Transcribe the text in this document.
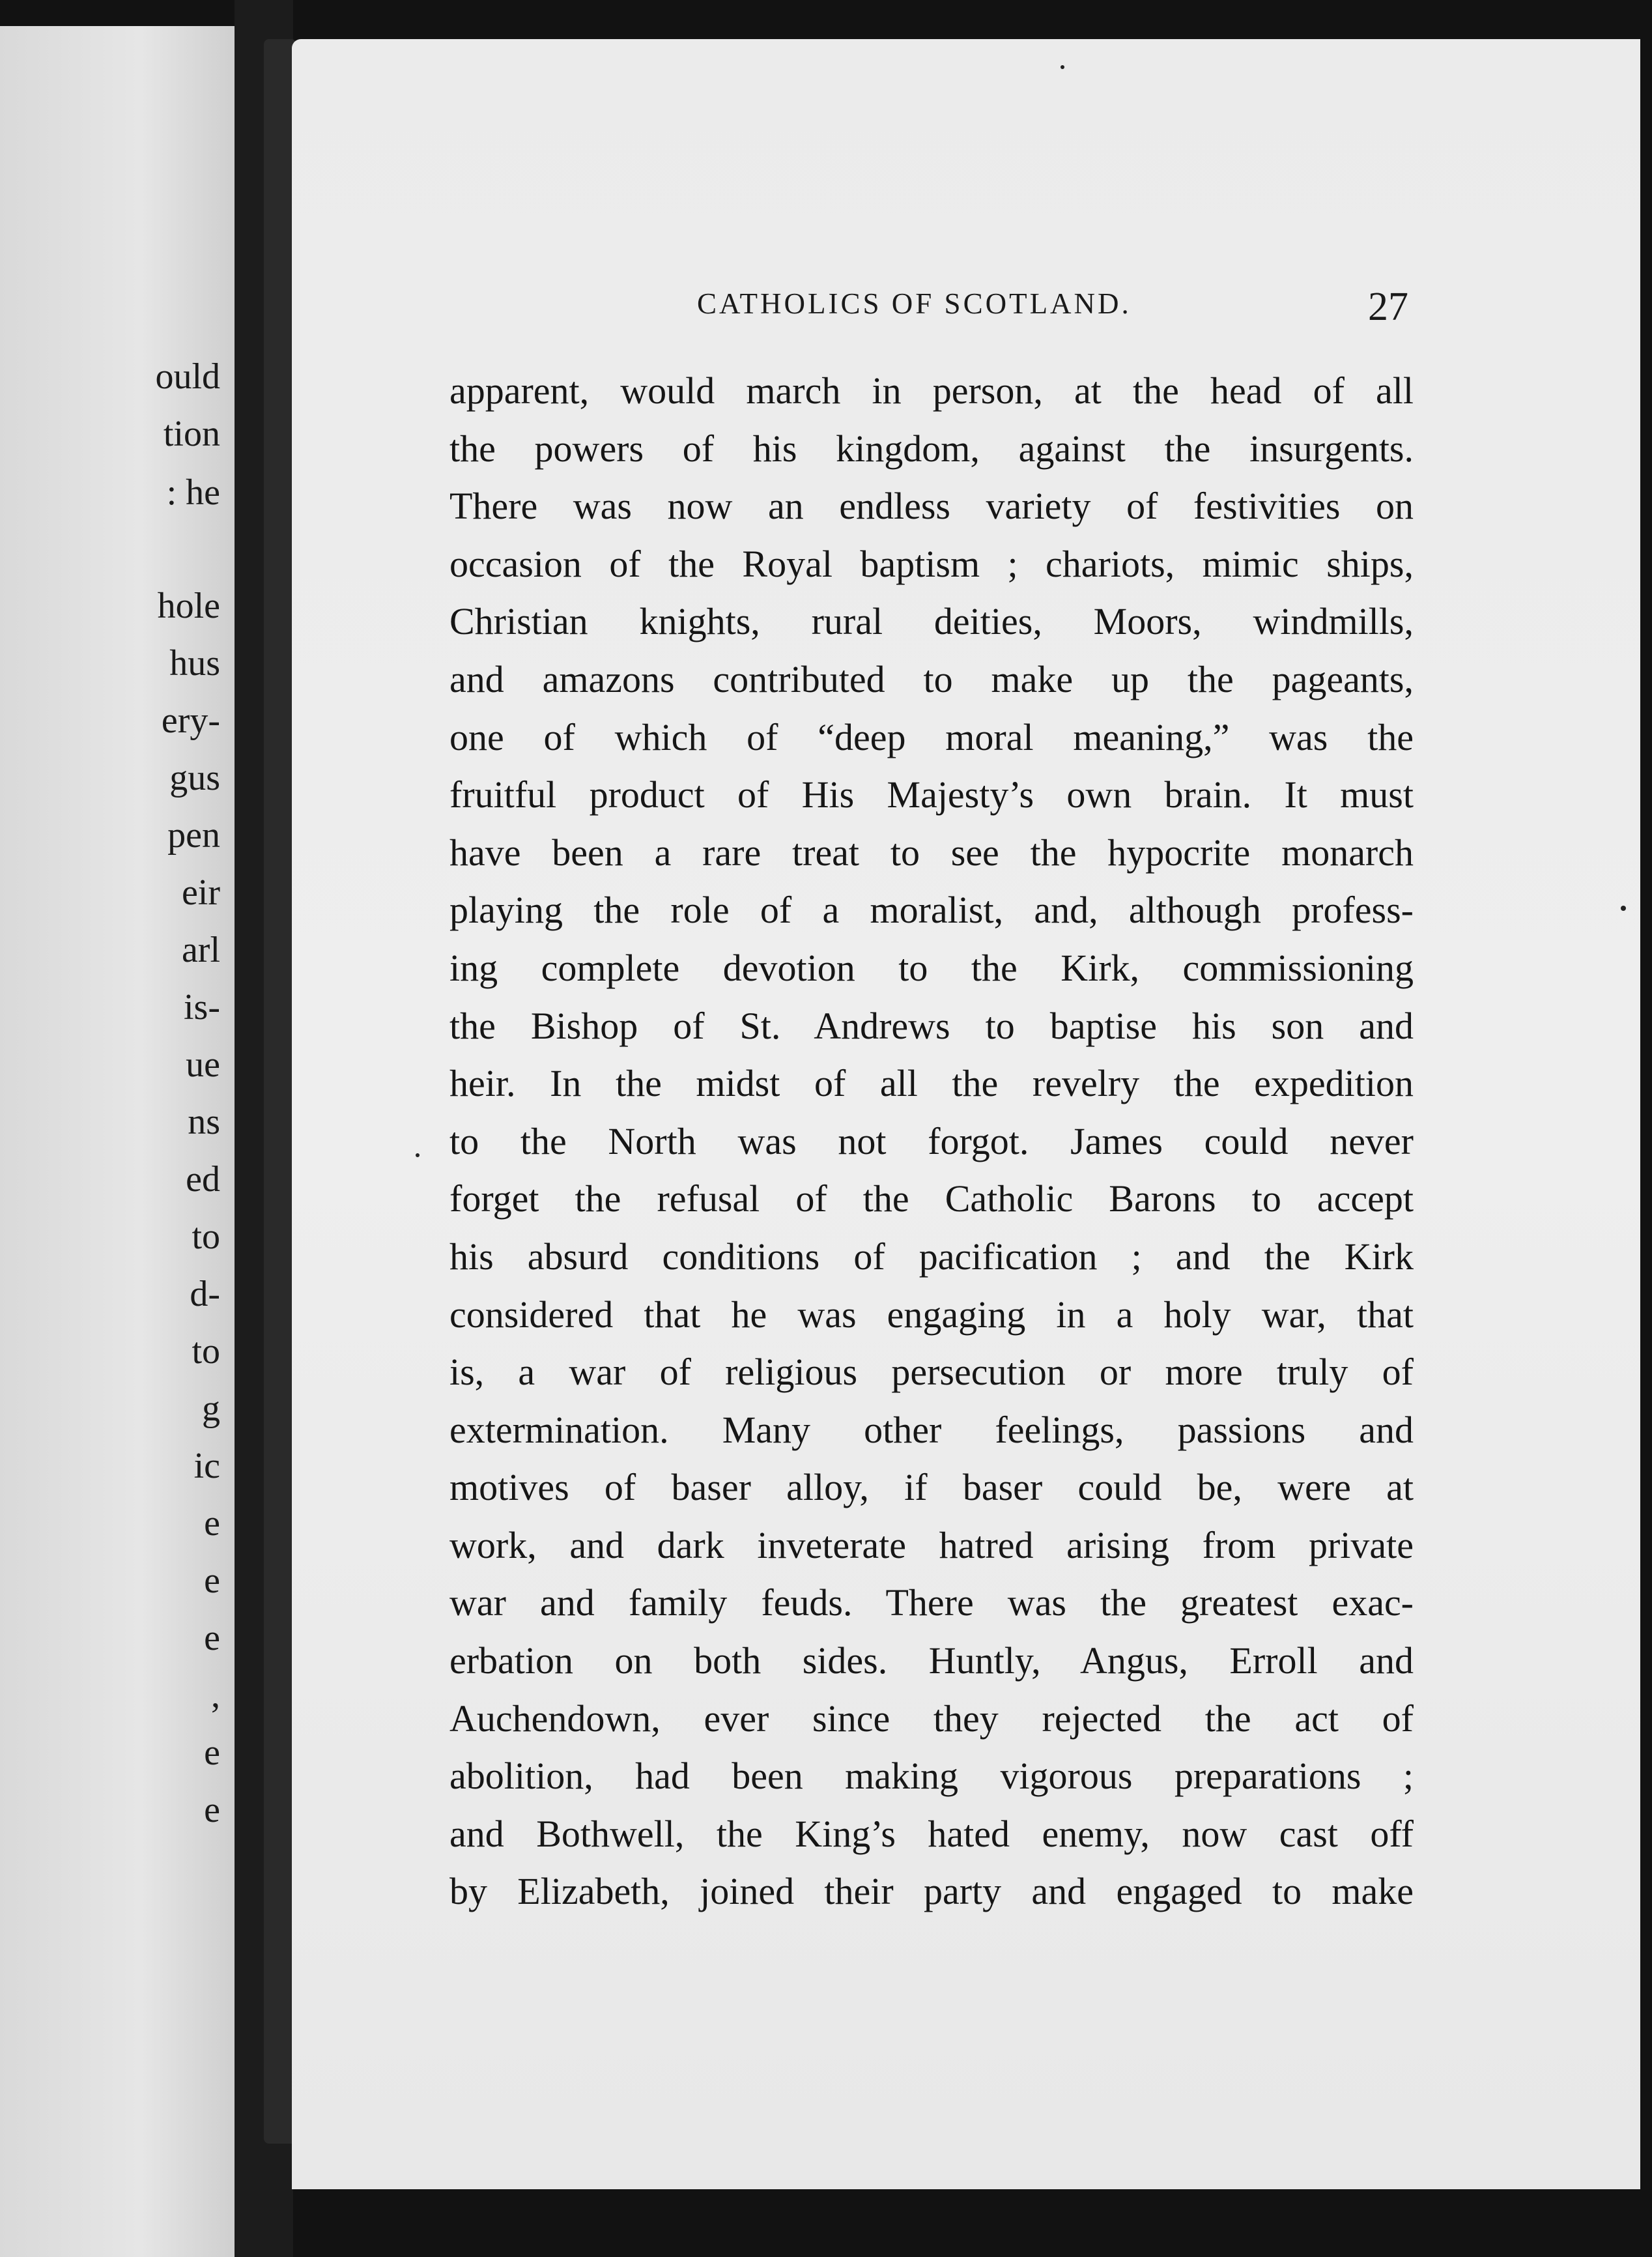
ould
tion
: he
hole
hus
ery-
gus
pen
eir
arl
is-
ue
ns
ed
to
d-
to
g
ic
e
e
e
,
e
e
CATHOLICS OF SCOTLAND.	27
apparent, would march in person, at the head of all
the powers of his kingdom, against the insurgents.
There was now an endless variety of festivities on
occasion of the Royal baptism ; chariots, mimic ships,
Christian knights, rural deities, Moors, windmills,
and amazons contributed to make up the pageants,
one of which of “deep moral meaning,” was the
fruitful product of His Majesty’s own brain. It must
have been a rare treat to see the hypocrite monarch
playing the role of a moralist, and, although profess-
ing complete devotion to the Kirk, commissioning
the Bishop of St. Andrews to baptise his son and
heir. In the midst of all the revelry the expedition
to the North was not forgot. James could never
forget the refusal of the Catholic Barons to accept
his absurd conditions of pacification ; and the Kirk
considered that he was engaging in a holy war, that
is, a war of religious persecution or more truly of
extermination. Many other feelings, passions and
motives of baser alloy, if baser could be, were at
work, and dark inveterate hatred arising from private
war and family feuds. There was the greatest exac-
erbation on both sides. Huntly, Angus, Erroll and
Auchendown, ever since they rejected the act of
abolition, had been making vigorous preparations ;
and Bothwell, the King’s hated enemy, now cast off
by Elizabeth, joined their party and engaged to make
